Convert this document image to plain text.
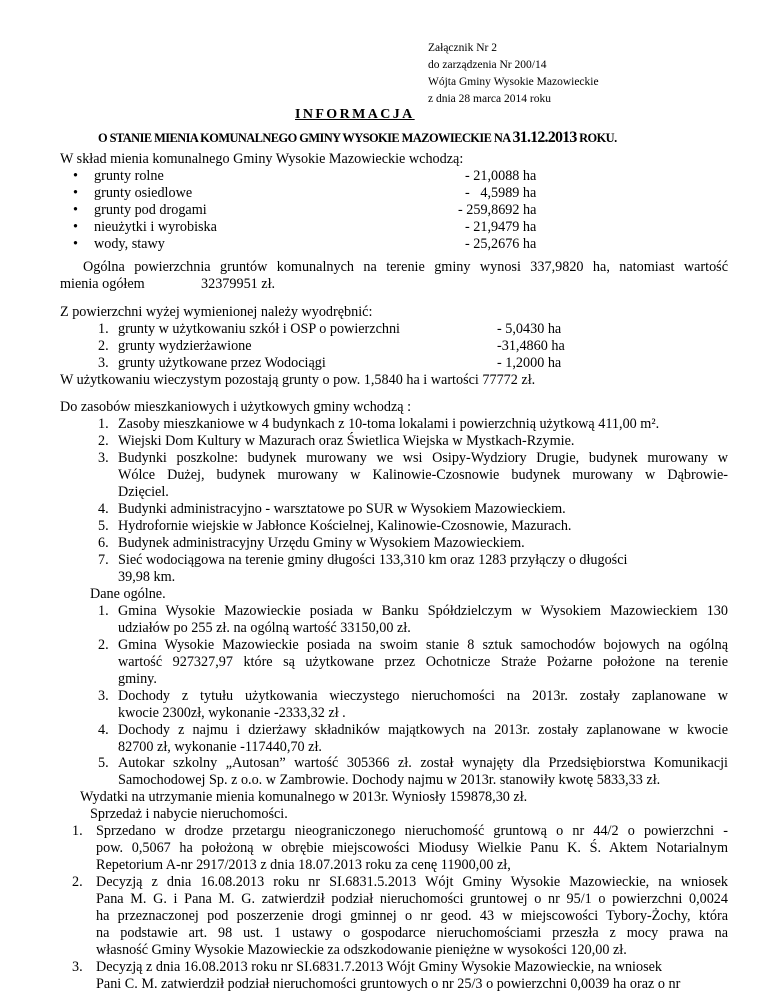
Załącznik Nr 2
do zarządzenia Nr 200/14
Wójta Gminy Wysokie Mazowieckie
z dnia 28 marca 2014 roku
INFORMACJA
O STANIE MIENIA KOMUNALNEGO GMINY WYSOKIE MAZOWIECKIE NA 31.12.2013 ROKU.
W skład mienia komunalnego Gminy Wysokie Mazowieckie wchodzą:
• grunty rolne	- 21,0088 ha
• grunty osiedlowe	-   4,5989 ha
• grunty pod drogami	- 259,8692 ha
• nieużytki i wyrobiska	- 21,9479 ha
• wody, stawy	- 25,2676 ha
Ogólna powierzchnia gruntów komunalnych na terenie gminy wynosi 337,9820 ha, natomiast wartość
mienia ogółem	32379951 zł.
Z powierzchni wyżej wymienionej należy wyodrębnić:
1. grunty w użytkowaniu szkół i OSP o powierzchni	- 5,0430 ha
2. grunty wydzierżawione	-31,4860 ha
3. grunty użytkowane przez Wodociągi	- 1,2000 ha
W użytkowaniu wieczystym pozostają grunty o pow. 1,5840 ha i wartości 77772 zł.
Do zasobów mieszkaniowych i użytkowych gminy wchodzą :
1. Zasoby mieszkaniowe w 4 budynkach z 10-toma lokalami i powierzchnią użytkową 411,00 m².
2. Wiejski Dom Kultury w Mazurach oraz Świetlica Wiejska w Mystkach-Rzymie.
3. Budynki poszkolne: budynek murowany we wsi Osipy-Wydziory Drugie, budynek murowany w
Wólce Dużej, budynek murowany w Kalinowie-Czosnowie budynek murowany w Dąbrowie-
Dzięciel.
4. Budynki administracyjno - warsztatowe po SUR w Wysokiem Mazowieckiem.
5. Hydrofornie wiejskie w Jabłonce Kościelnej, Kalinowie-Czosnowie, Mazurach.
6. Budynek administracyjny Urzędu Gminy w Wysokiem Mazowieckiem.
7. Sieć wodociągowa na terenie gminy długości 133,310 km oraz 1283 przyłączy o długości
39,98 km.
Dane ogólne.
1. Gmina Wysokie Mazowieckie posiada w Banku Spółdzielczym w Wysokiem Mazowieckiem 130
udziałów po 255 zł. na ogólną wartość 33150,00 zł.
2. Gmina Wysokie Mazowieckie posiada na swoim stanie 8 sztuk samochodów bojowych na ogólną
wartość 927327,97 które są użytkowane przez Ochotnicze Straże Pożarne położone na terenie
gminy.
3. Dochody z tytułu użytkowania wieczystego nieruchomości na 2013r. zostały zaplanowane w
kwocie 2300zł, wykonanie -2333,32 zł .
4. Dochody z najmu i dzierżawy składników majątkowych na 2013r. zostały zaplanowane w kwocie
82700 zł, wykonanie -117440,70 zł.
5. Autokar szkolny „Autosan” wartość 305366 zł. został wynajęty dla Przedsiębiorstwa Komunikacji
Samochodowej Sp. z o.o. w Zambrowie. Dochody najmu w 2013r. stanowiły kwotę 5833,33 zł.
Wydatki na utrzymanie mienia komunalnego w 2013r. Wyniosły 159878,30 zł.
Sprzedaż i nabycie nieruchomości.
1. Sprzedano w drodze przetargu nieograniczonego nieruchomość gruntową o nr 44/2 o powierzchni -
pow. 0,5067 ha położoną w obrębie miejscowości Miodusy Wielkie Panu K. Ś. Aktem Notarialnym
Repetorium A-nr 2917/2013 z dnia 18.07.2013 roku za cenę 11900,00 zł,
2. Decyzją z dnia 16.08.2013 roku nr SI.6831.5.2013 Wójt Gminy Wysokie Mazowieckie, na wniosek
Pana M. G. i Pana M. G. zatwierdził podział nieruchomości gruntowej o nr 95/1 o powierzchni 0,0024
ha przeznaczonej pod poszerzenie drogi gminnej o nr geod. 43 w miejscowości Tybory-Żochy, która
na podstawie art. 98 ust. 1 ustawy o gospodarce nieruchomościami przeszła z mocy prawa na
własność Gminy Wysokie Mazowieckie za odszkodowanie pieniężne w wysokości 120,00 zł.
3. Decyzją z dnia 16.08.2013 roku nr SI.6831.7.2013 Wójt Gminy Wysokie Mazowieckie, na wniosek
Pani C. M. zatwierdził podział nieruchomości gruntowych o nr 25/3 o powierzchni 0,0039 ha oraz o nr
